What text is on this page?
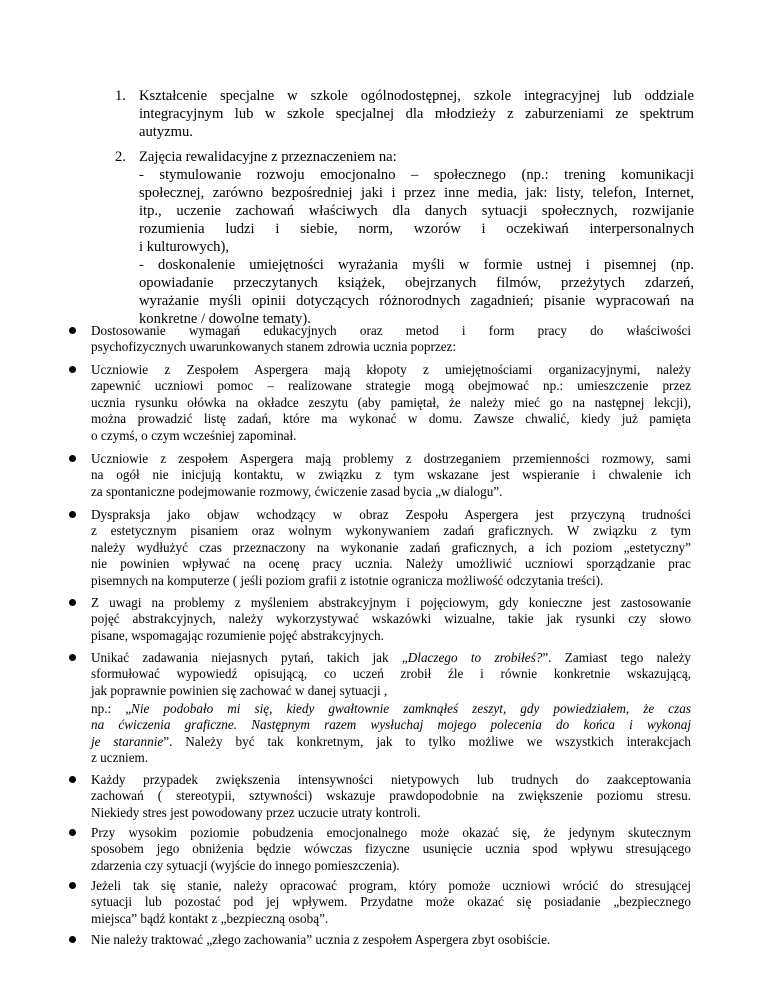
1. Kształcenie specjalne w szkole ogólnodostępnej, szkole integracyjnej lub oddziale
integracyjnym lub w szkole specjalnej dla młodzieży z zaburzeniami ze spektrum
autyzmu.
2. Zajęcia rewalidacyjne z przeznaczeniem na:
- stymulowanie rozwoju emocjonalno – społecznego (np.: trening komunikacji
społecznej, zarówno bezpośredniej jaki i przez inne media, jak: listy, telefon, Internet,
itp., uczenie zachowań właściwych dla danych sytuacji społecznych, rozwijanie
rozumienia ludzi i siebie, norm, wzorów i oczekiwań interpersonalnych
i kulturowych),
- doskonalenie umiejętności wyrażania myśli w formie ustnej i pisemnej (np.
opowiadanie przeczytanych książek, obejrzanych filmów, przeżytych zdarzeń,
wyrażanie myśli opinii dotyczących różnorodnych zagadnień; pisanie wypracowań na
konkretne / dowolne tematy).
Dostosowanie wymagań edukacyjnych oraz metod i form pracy do właściwości
psychofizycznych uwarunkowanych stanem zdrowia ucznia poprzez:
Uczniowie z Zespołem Aspergera mają kłopoty z umiejętnościami organizacyjnymi, należy
zapewnić uczniowi pomoc – realizowane strategie mogą obejmować np.: umieszczenie przez
ucznia rysunku ołówka na okładce zeszytu (aby pamiętał, że należy mieć go na następnej lekcji),
można prowadzić listę zadań, które ma wykonać w domu. Zawsze chwalić, kiedy już pamięta
o czymś, o czym wcześniej zapominał.
Uczniowie z zespołem Aspergera mają problemy z dostrzeganiem przemienności rozmowy, sami
na ogół nie inicjują kontaktu, w związku z tym wskazane jest wspieranie i chwalenie ich
za spontaniczne podejmowanie rozmowy, ćwiczenie zasad bycia „w dialogu”.
Dyspraksja jako objaw wchodzący w obraz Zespołu Aspergera jest przyczyną trudności
z estetycznym pisaniem oraz wolnym wykonywaniem zadań graficznych. W związku z tym
należy wydłużyć czas przeznaczony na wykonanie zadań graficznych, a ich poziom „estetyczny”
nie powinien wpływać na ocenę pracy ucznia. Należy umożliwić uczniowi sporządzanie prac
pisemnych na komputerze ( jeśli poziom grafii z istotnie ogranicza możliwość odczytania treści).
Z uwagi na problemy z myśleniem abstrakcyjnym i pojęciowym, gdy konieczne jest zastosowanie
pojęć abstrakcyjnych, należy wykorzystywać wskazówki wizualne, takie jak rysunki czy słowo
pisane, wspomagając rozumienie pojęć abstrakcyjnych.
Unikać zadawania niejasnych pytań, takich jak „Dlaczego to zrobiłeś?”. Zamiast tego należy
sformułować wypowiedź opisującą, co uczeń zrobił źle i równie konkretnie wskazującą,
jak poprawnie powinien się zachować w danej sytuacji ,
np.: „Nie podobało mi się, kiedy gwałtownie zamknąłeś zeszyt, gdy powiedziałem, że czas
na ćwiczenia graficzne. Następnym razem wysłuchaj mojego polecenia do końca i wykonaj
je starannie”. Należy być tak konkretnym, jak to tylko możliwe we wszystkich interakcjach
z uczniem.
Każdy przypadek zwiększenia intensywności nietypowych lub trudnych do zaakceptowania
zachowań ( stereotypii, sztywności) wskazuje prawdopodobnie na zwiększenie poziomu stresu.
Niekiedy stres jest powodowany przez uczucie utraty kontroli.
Przy wysokim poziomie pobudzenia emocjonalnego może okazać się, że jedynym skutecznym
sposobem jego obniżenia będzie wówczas fizyczne usunięcie ucznia spod wpływu stresującego
zdarzenia czy sytuacji (wyjście do innego pomieszczenia).
Jeżeli tak się stanie, należy opracować program, który pomoże uczniowi wrócić do stresującej
sytuacji lub pozostać pod jej wpływem. Przydatne może okazać się posiadanie „bezpiecznego
miejsca” bądź kontakt z „bezpieczną osobą”.
Nie należy traktować „złego zachowania” ucznia z zespołem Aspergera zbyt osobiście.
